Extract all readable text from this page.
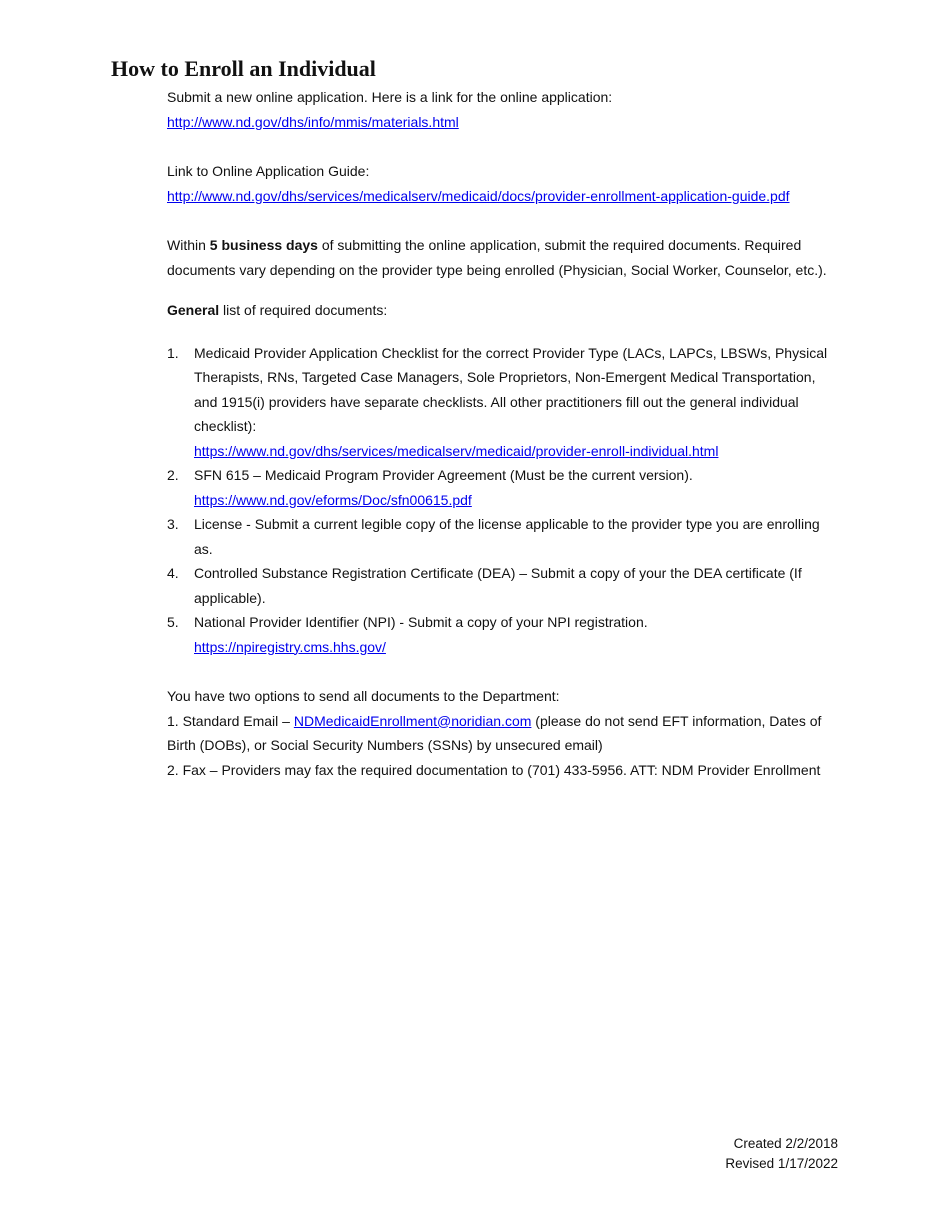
How to Enroll an Individual

Submit a new online application. Here is a link for the online application:

http://www.nd.gov/dhs/info/mmis/materials.html

Link to Online Application Guide:

http://www.nd.gov/dhs/services/medicalserv/medicaid/docs/provider-enrollment-application-guide.pdf

Within 5 business days of submitting the online application, submit the required documents. Required documents vary depending on the provider type being enrolled (Physician, Social Worker, Counselor, etc.).

General list of required documents:

1. Medicaid Provider Application Checklist for the correct Provider Type (LACs, LAPCs, LBSWs, Physical Therapists, RNs, Targeted Case Managers, Sole Proprietors, Non-Emergent Medical Transportation, and 1915(i) providers have separate checklists. All other practitioners fill out the general individual checklist):
https://www.nd.gov/dhs/services/medicalserv/medicaid/provider-enroll-individual.html
2. SFN 615 – Medicaid Program Provider Agreement (Must be the current version).
https://www.nd.gov/eforms/Doc/sfn00615.pdf
3. License - Submit a current legible copy of the license applicable to the provider type you are enrolling as.
4. Controlled Substance Registration Certificate (DEA) – Submit a copy of your the DEA certificate (If applicable).
5. National Provider Identifier (NPI) - Submit a copy of your NPI registration.
https://npiregistry.cms.hhs.gov/

You have two options to send all documents to the Department:

1. Standard Email – NDMedicaidEnrollment@noridian.com (please do not send EFT information, Dates of Birth (DOBs), or Social Security Numbers (SSNs) by unsecured email)

2. Fax – Providers may fax the required documentation to (701) 433-5956. ATT: NDM Provider Enrollment

Created 2/2/2018
Revised 1/17/2022
